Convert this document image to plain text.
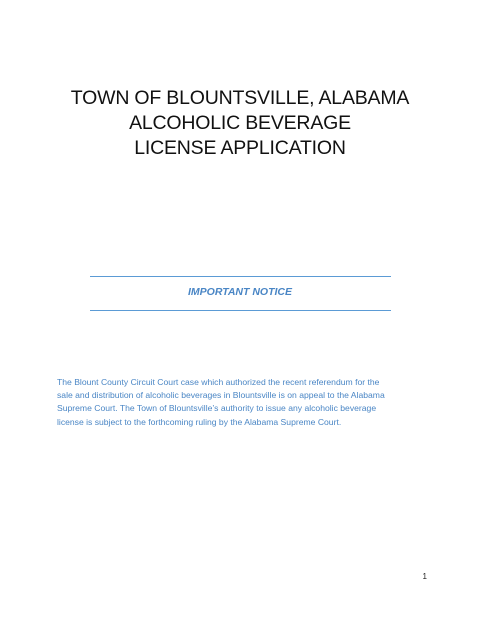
TOWN OF BLOUNTSVILLE, ALABAMA
ALCOHOLIC BEVERAGE
LICENSE APPLICATION
IMPORTANT NOTICE
The Blount County Circuit Court case which authorized the recent referendum for the
sale and distribution of alcoholic beverages in Blountsville is on appeal to the Alabama
Supreme Court. The Town of Blountsville’s authority to issue any alcoholic beverage
license is subject to the forthcoming ruling by the Alabama Supreme Court.
1
